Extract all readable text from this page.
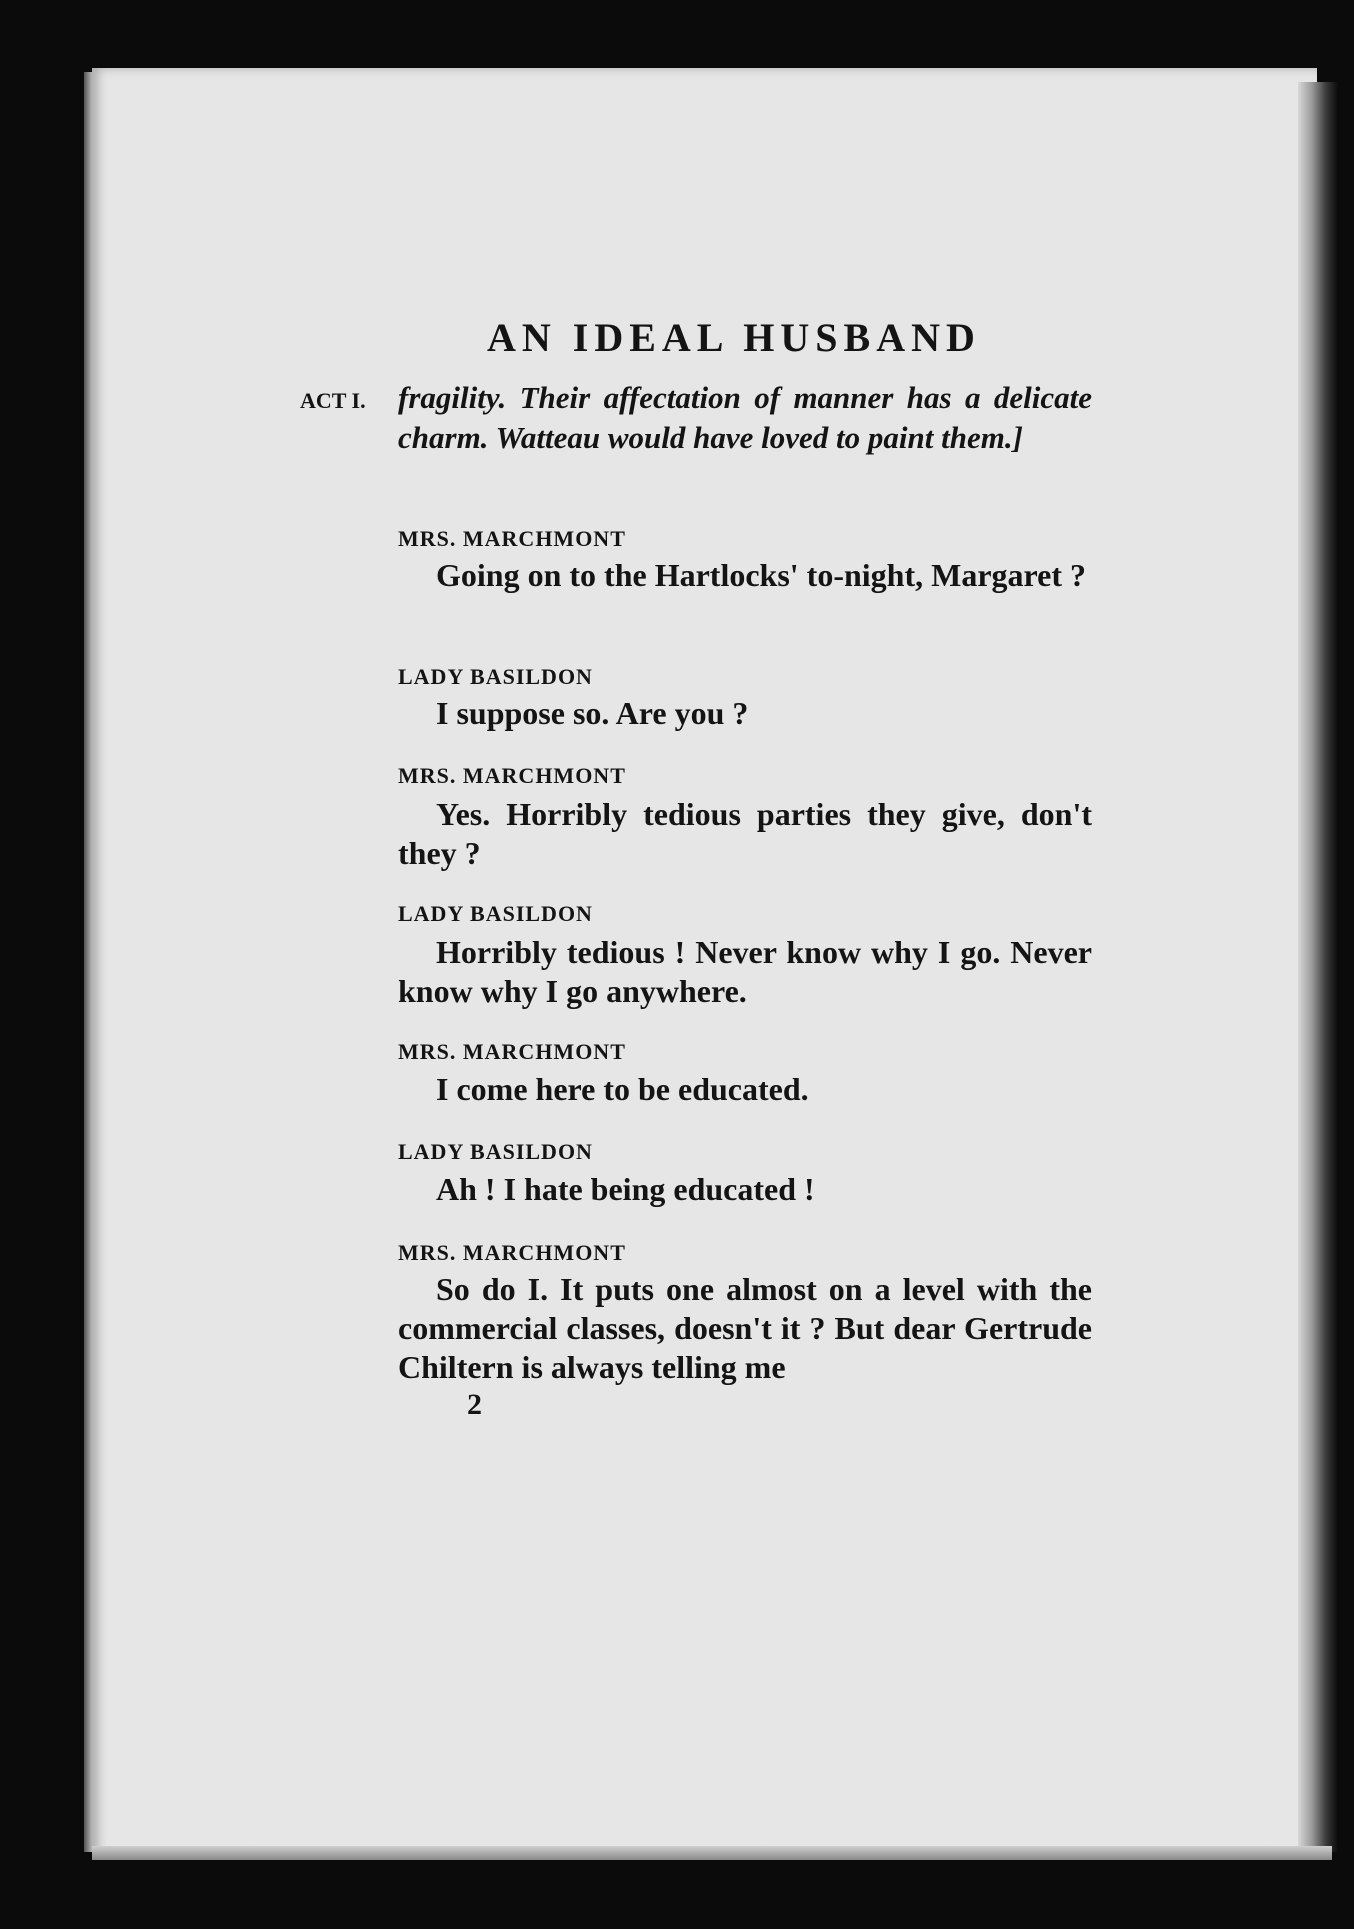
AN IDEAL HUSBAND
ACT I. fragility. Their affectation of manner has a delicate charm. Watteau would have loved to paint them.]
MRS. MARCHMONT
Going on to the Hartlocks' to-night, Margaret ?
LADY BASILDON
I suppose so. Are you ?
MRS. MARCHMONT
Yes. Horribly tedious parties they give, don't they ?
LADY BASILDON
Horribly tedious ! Never know why I go. Never know why I go anywhere.
MRS. MARCHMONT
I come here to be educated.
LADY BASILDON
Ah ! I hate being educated !
MRS. MARCHMONT
So do I. It puts one almost on a level with the commercial classes, doesn't it ? But dear Gertrude Chiltern is always telling me
2
